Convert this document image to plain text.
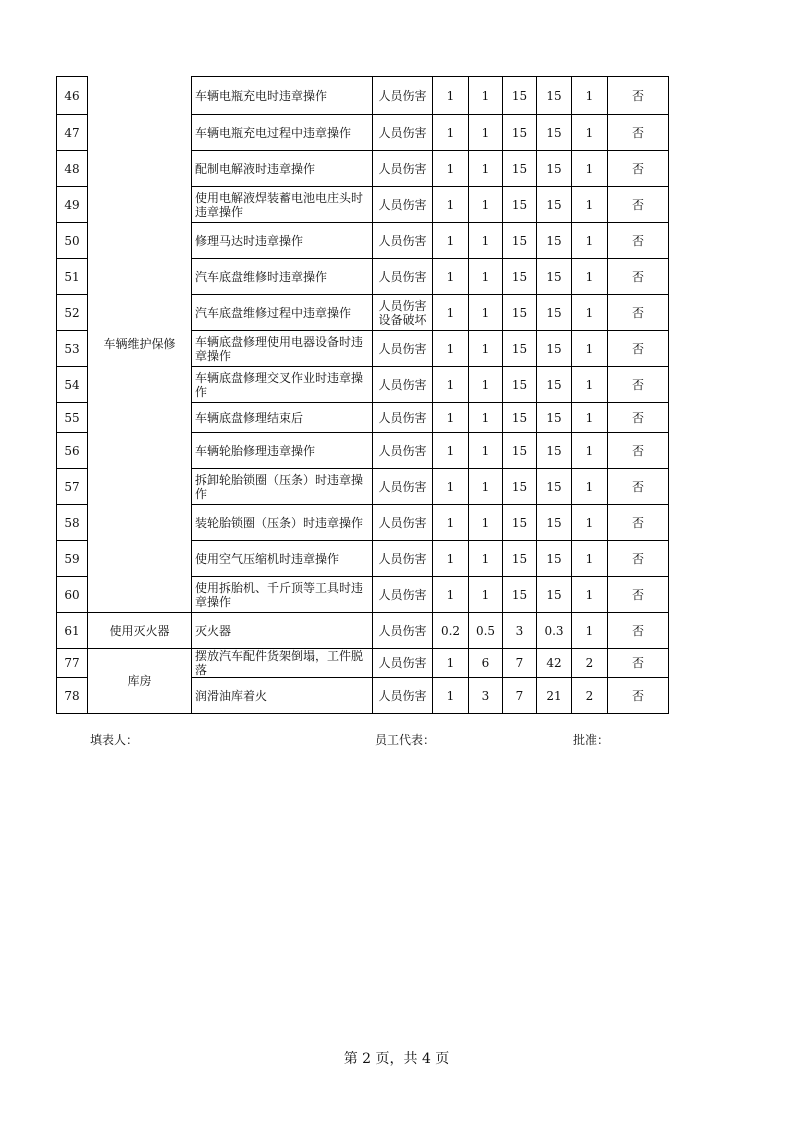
46	车辆维护保修	车辆电瓶充电时违章操作	人员伤害	1	1	15	15	1	否
47		车辆电瓶充电过程中违章操作	人员伤害	1	1	15	15	1	否
48		配制电解液时违章操作	人员伤害	1	1	15	15	1	否
49		使用电解液焊装蓄电池电庄头时违章操作	人员伤害	1	1	15	15	1	否
50		修理马达时违章操作	人员伤害	1	1	15	15	1	否
51		汽车底盘维修时违章操作	人员伤害	1	1	15	15	1	否
52		汽车底盘维修过程中违章操作	人员伤害 设备破坏	1	1	15	15	1	否
53		车辆底盘修理使用电器设备时违章操作	人员伤害	1	1	15	15	1	否
54		车辆底盘修理交叉作业时违章操作	人员伤害	1	1	15	15	1	否
55		车辆底盘修理结束后	人员伤害	1	1	15	15	1	否
56		车辆轮胎修理违章操作	人员伤害	1	1	15	15	1	否
57		拆卸轮胎锁圈（压条）时违章操作	人员伤害	1	1	15	15	1	否
58		装轮胎锁圈（压条）时违章操作	人员伤害	1	1	15	15	1	否
59		使用空气压缩机时违章操作	人员伤害	1	1	15	15	1	否
60		使用拆胎机、千斤顶等工具时违章操作	人员伤害	1	1	15	15	1	否
61	使用灭火器	灭火器	人员伤害	0.2	0.5	3	0.3	1	否
77	库房	摆放汽车配件货架倒塌，工件脱落	人员伤害	1	6	7	42	2	否
78		润滑油库着火	人员伤害	1	3	7	21	2	否
填表人：	员工代表：	批准：
第 2 页，共 4 页
